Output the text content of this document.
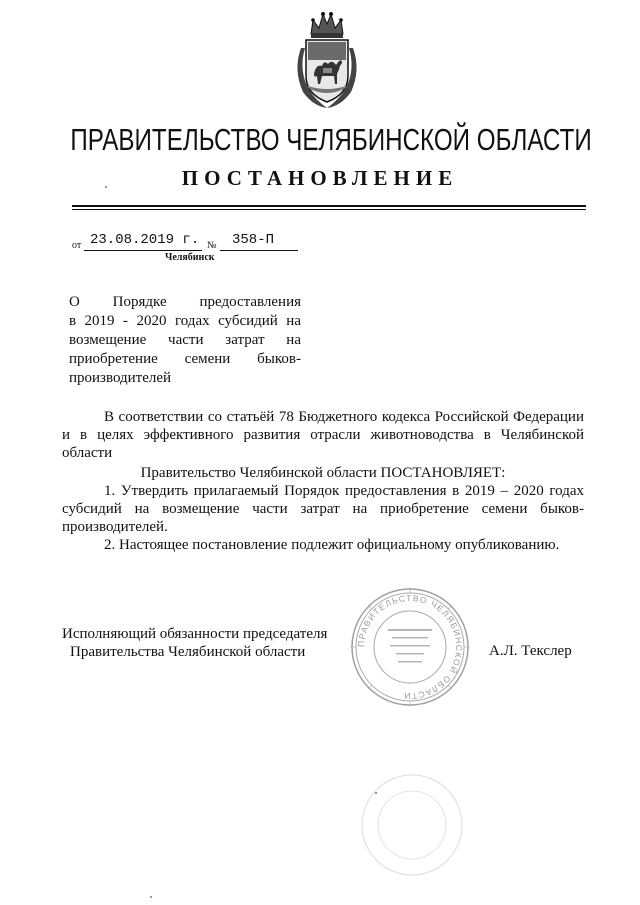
ПРАВИТЕЛЬСТВО ЧЕЛЯБИНСКОЙ ОБЛАСТИ
ПОСТАНОВЛЕНИЕ
от 23.08.2019 г. № 358-П
Челябинск
О Порядке предоставления
в 2019 - 2020 годах субсидий на
возмещение части затрат на
приобретение семени быков-
производителей
В соответствии со статьёй 78 Бюджетного кодекса Российской Федерации и в целях эффективного развития отрасли животноводства в Челябинской области
Правительство Челябинской области ПОСТАНОВЛЯЕТ:
1. Утвердить прилагаемый Порядок предоставления в 2019 – 2020 годах субсидий на возмещение части затрат на приобретение семени быков-производителей.
2. Настоящее постановление подлежит официальному опубликованию.
Исполняющий обязанности председателя
Правительства Челябинской области	А.Л. Текслер
ПРАВИТЕЛЬСТВО ЧЕЛЯБИНСКОЙ ОБЛАСТИ
